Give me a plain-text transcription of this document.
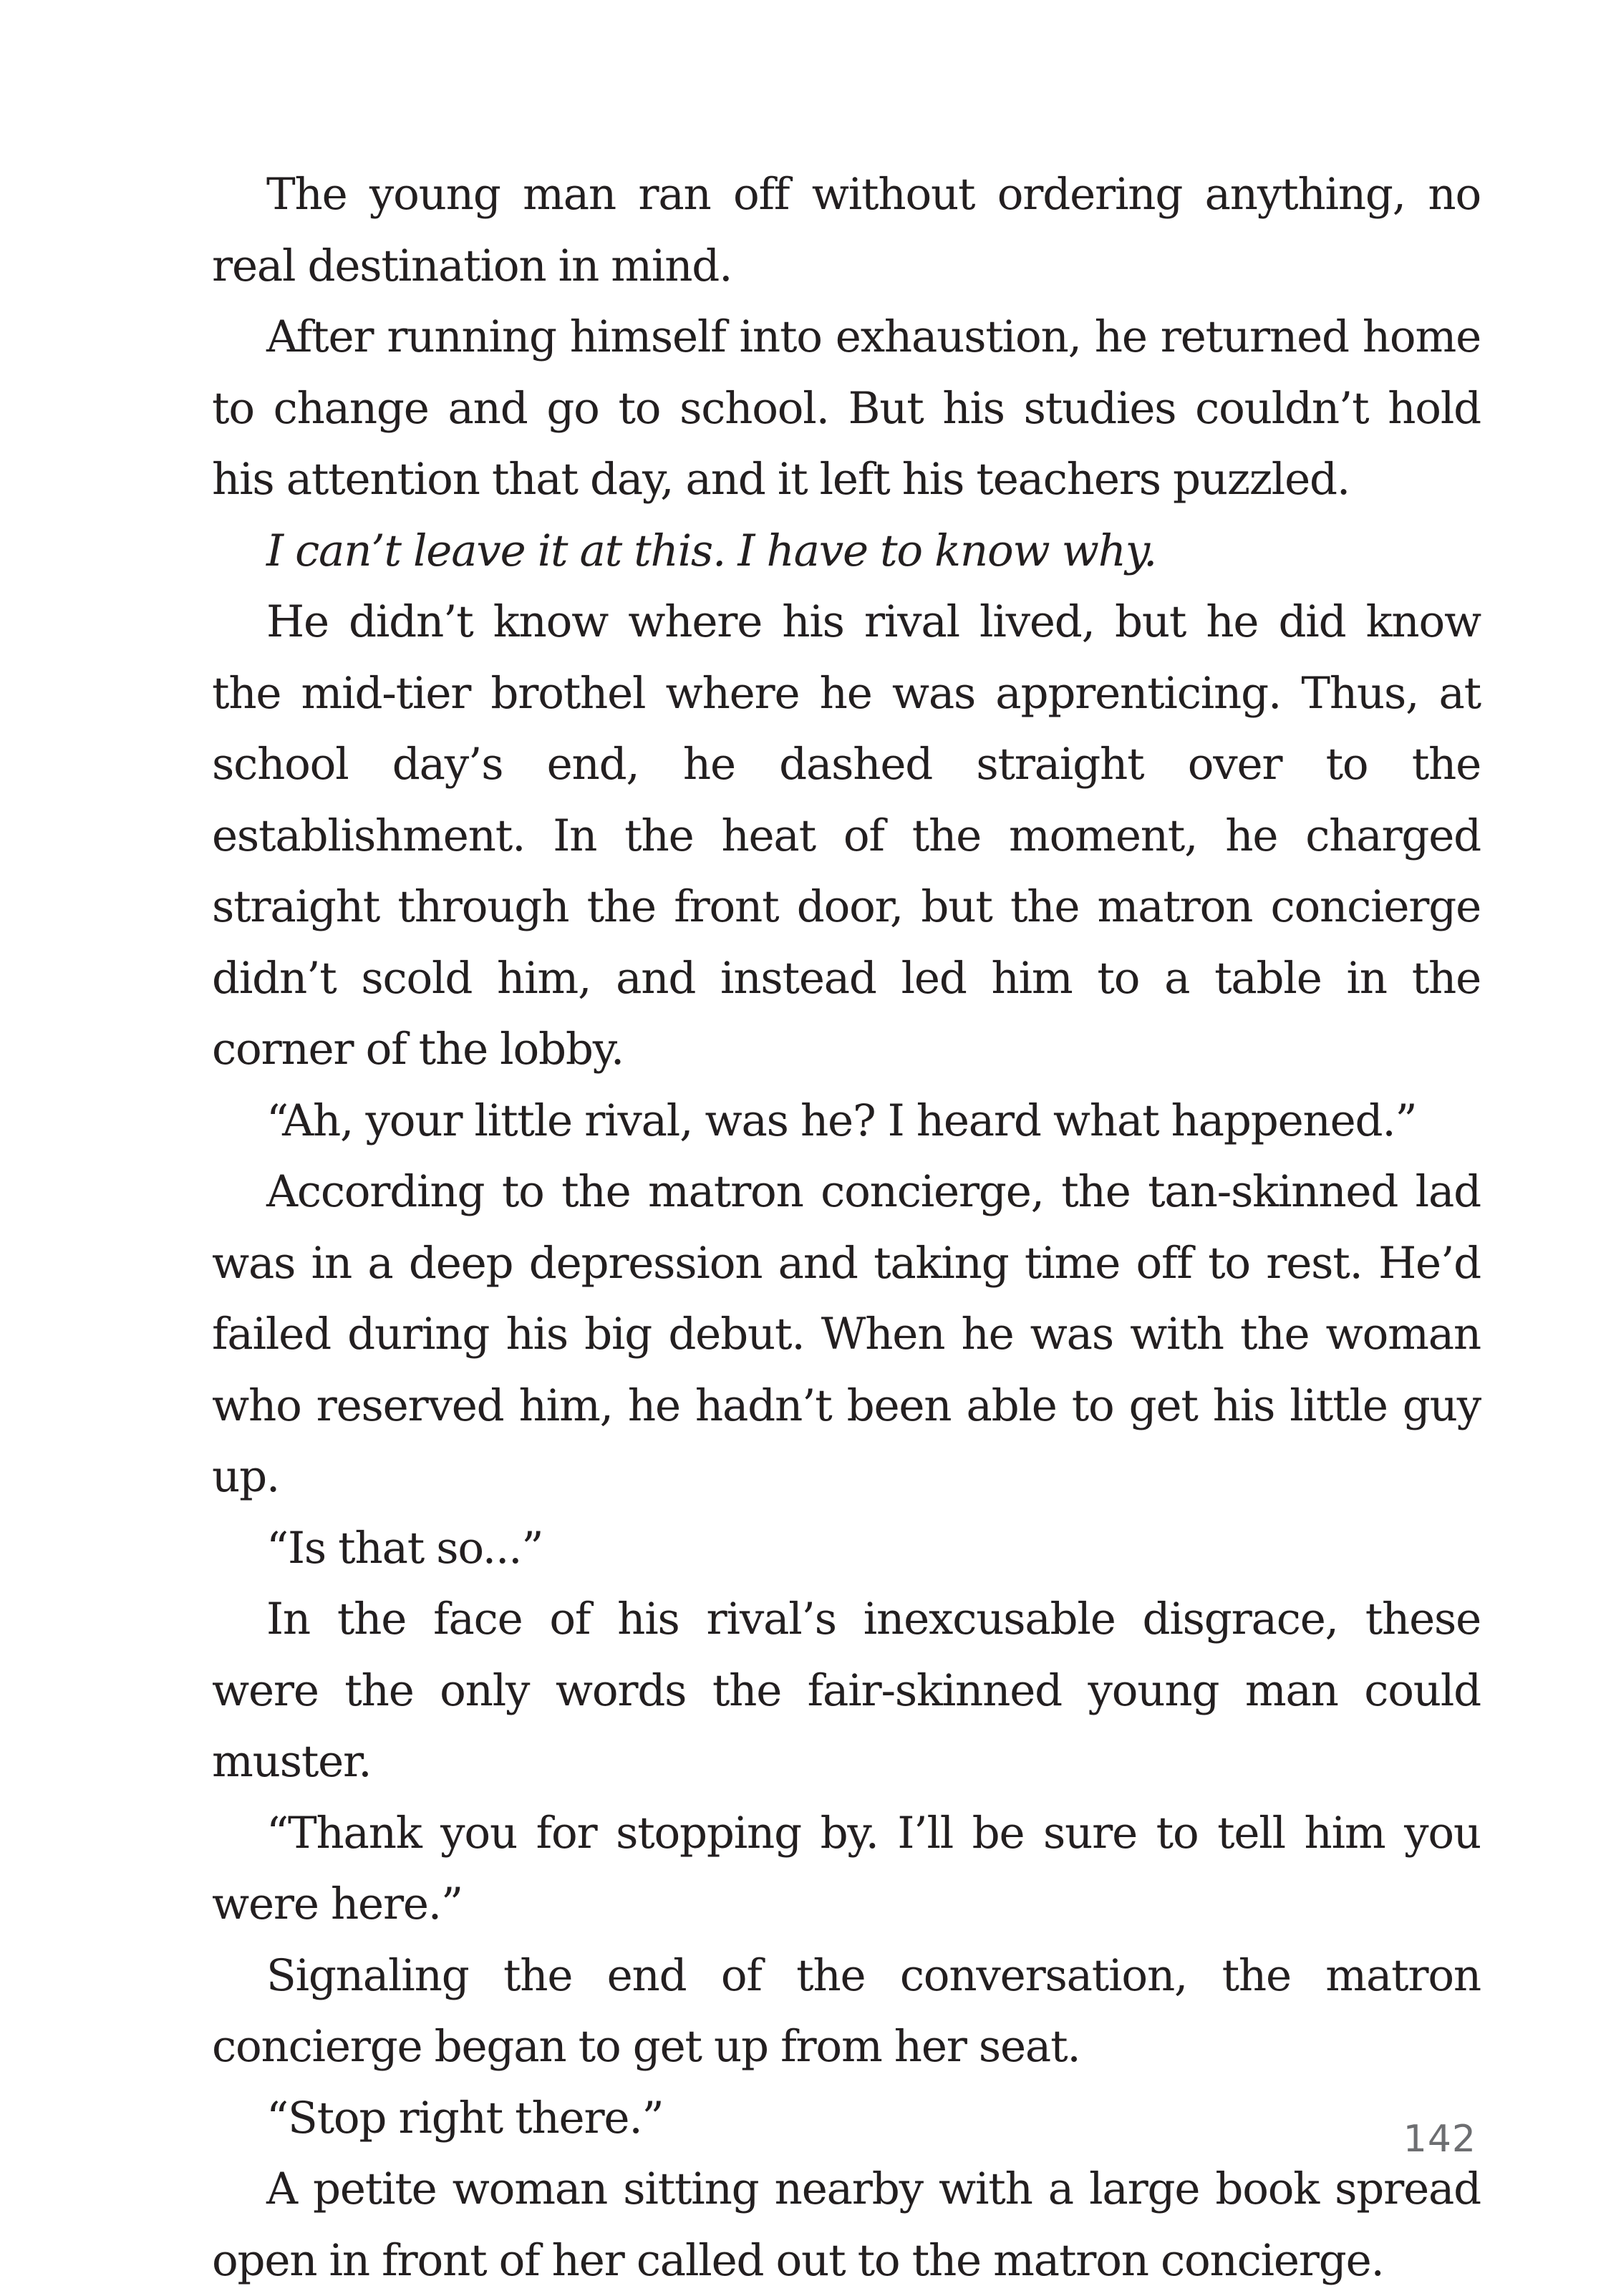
The young man ran off without ordering anything, no real destination in mind.

After running himself into exhaustion, he returned home to change and go to school. But his studies couldn’t hold his attention that day, and it left his teachers puzzled.

I can’t leave it at this. I have to know why.

He didn’t know where his rival lived, but he did know the mid-tier brothel where he was apprenticing. Thus, at school day’s end, he dashed straight over to the establishment. In the heat of the moment, he charged straight through the front door, but the matron concierge didn’t scold him, and instead led him to a table in the corner of the lobby.

“Ah, your little rival, was he? I heard what happened.”

According to the matron concierge, the tan-skinned lad was in a deep depression and taking time off to rest. He’d failed during his big debut. When he was with the woman who reserved him, he hadn’t been able to get his little guy up.

“Is that so...”

In the face of his rival’s inexcusable disgrace, these were the only words the fair-skinned young man could muster.

“Thank you for stopping by. I’ll be sure to tell him you were here.”

Signaling the end of the conversation, the matron concierge began to get up from her seat.

“Stop right there.”

A petite woman sitting nearby with a large book spread open in front of her called out to the matron concierge.

142
